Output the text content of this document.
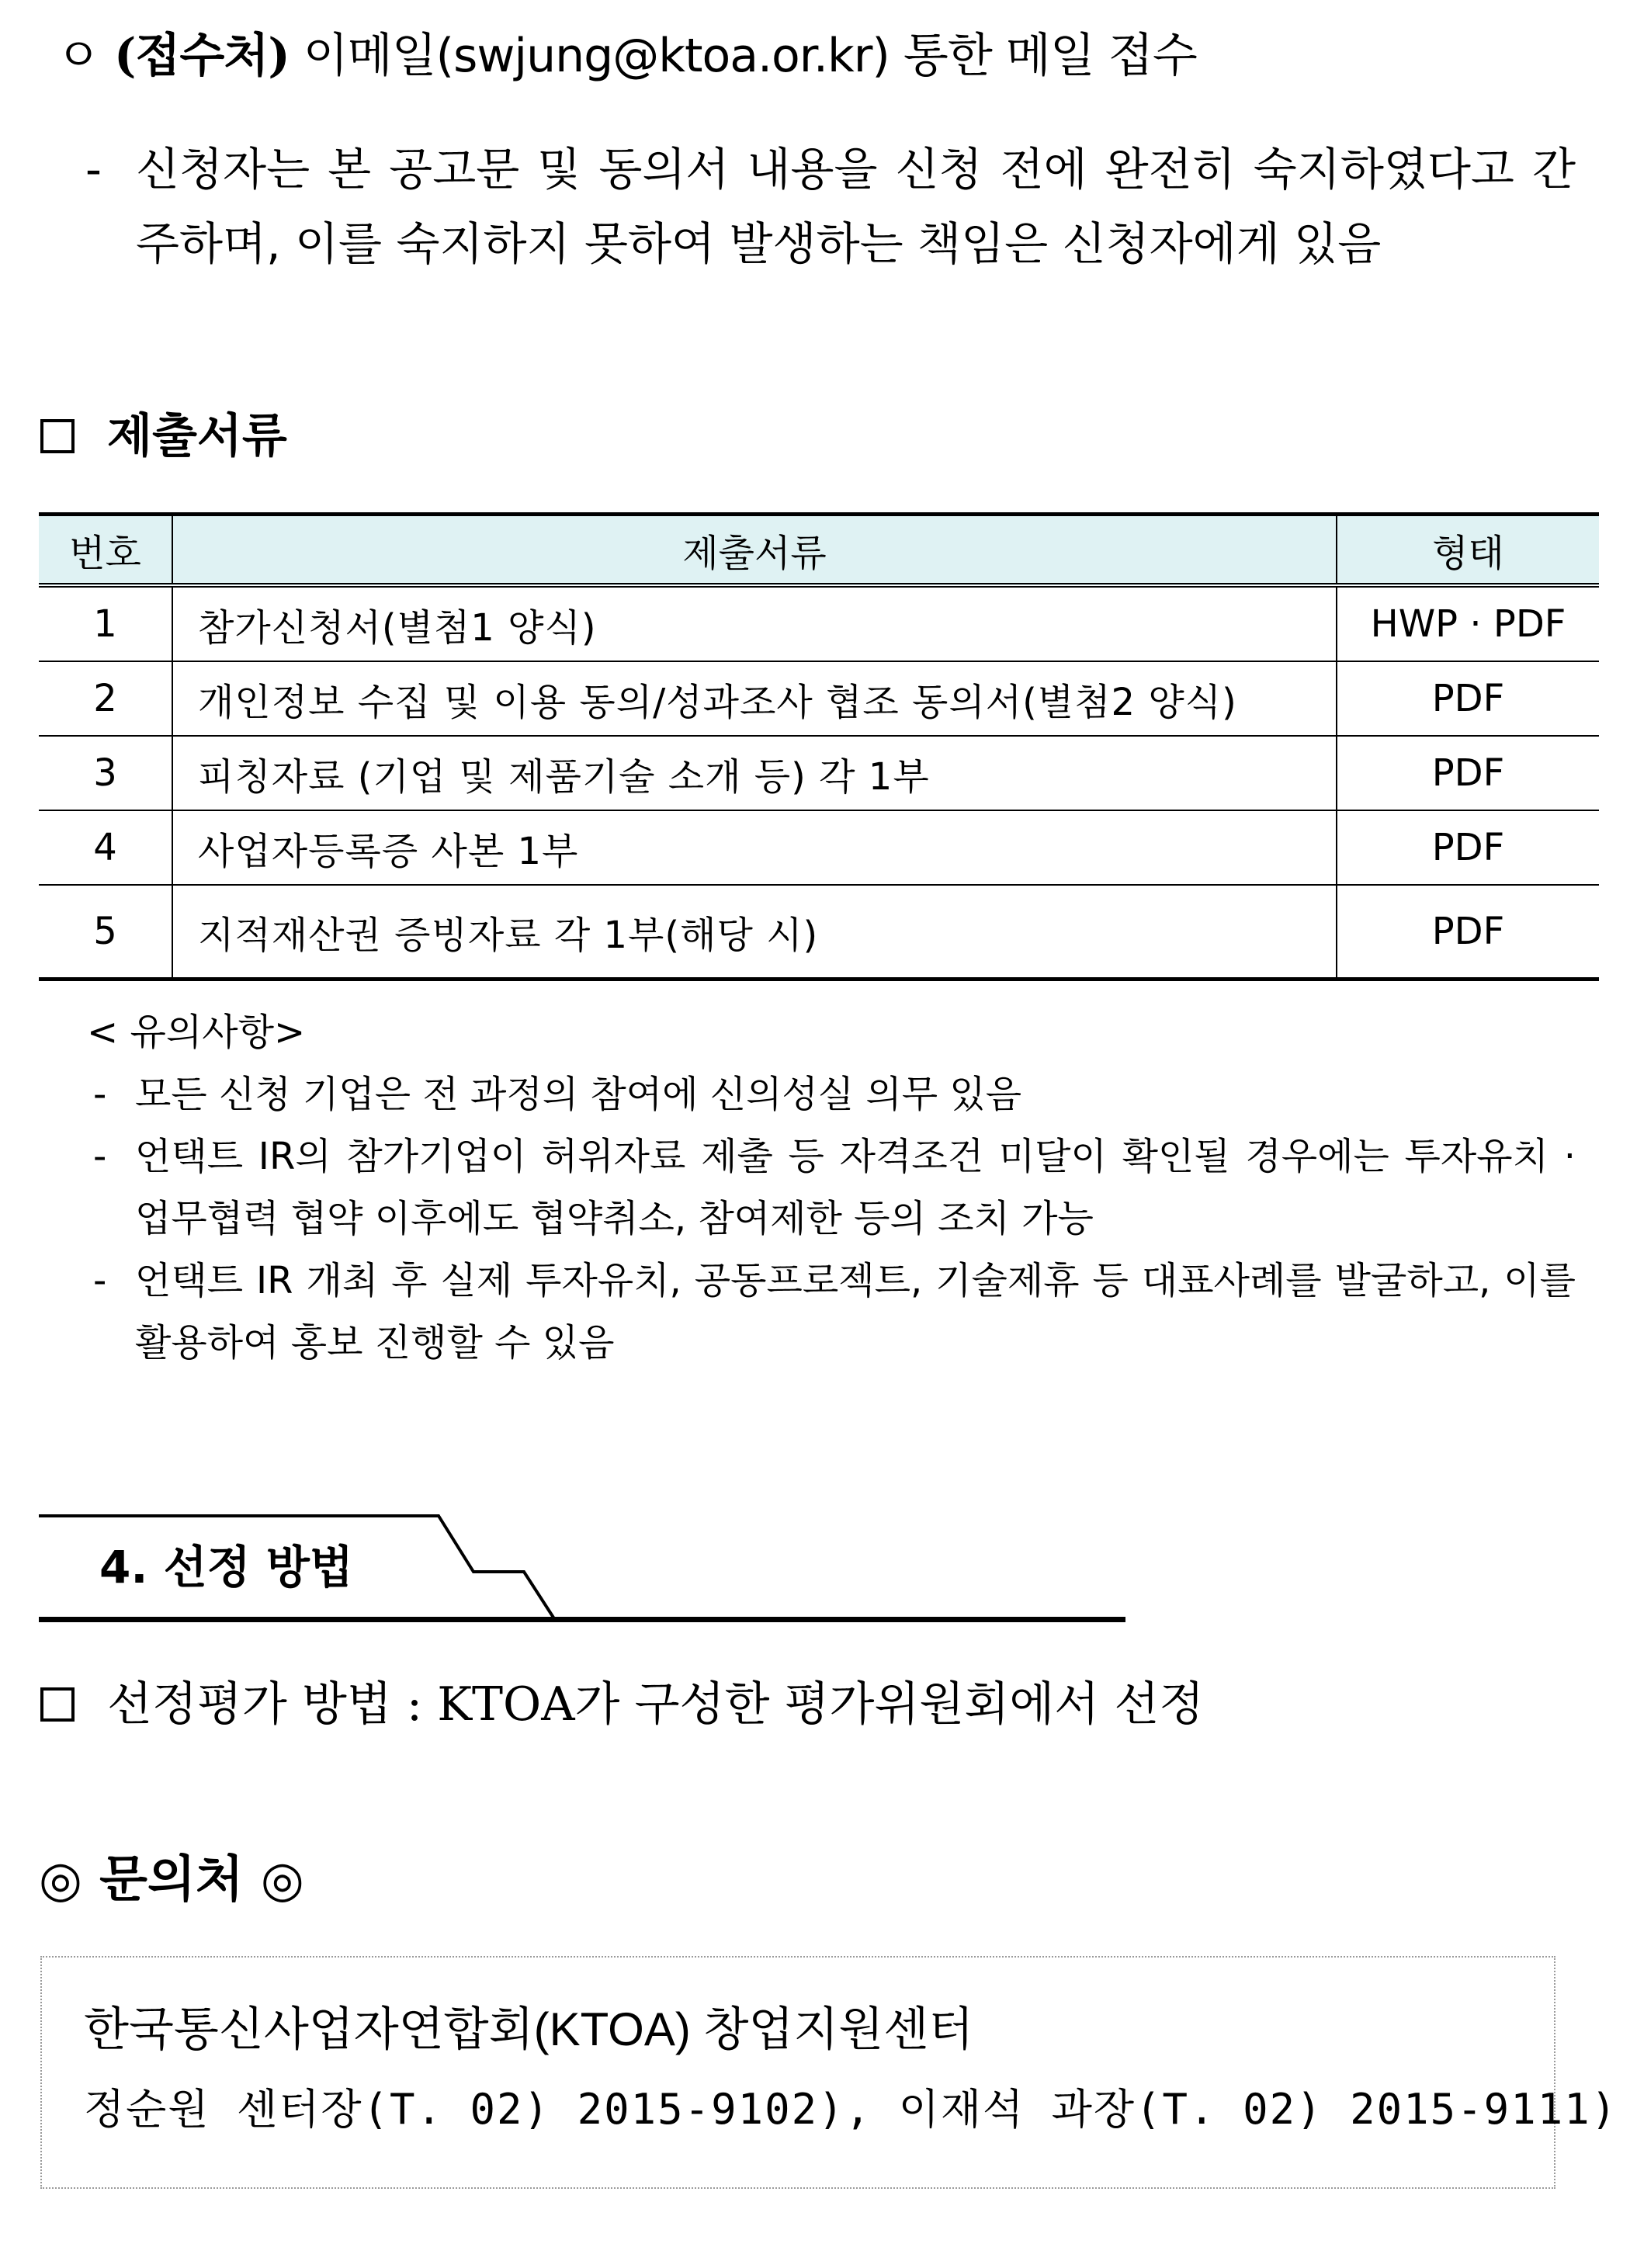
ㅇ (접수처) 이메일(swjung@ktoa.or.kr) 통한 메일 접수
- 신청자는 본 공고문 및 동의서 내용을 신청 전에 완전히 숙지하였다고 간주하며, 이를 숙지하지 못하여 발생하는 책임은 신청자에게 있음
제출서류
번호	제출서류	형태
1	참가신청서(별첨1 양식)	HWP · PDF
2	개인정보 수집 및 이용 동의/성과조사 협조 동의서(별첨2 양식)	PDF
3	피칭자료 (기업 및 제품기술 소개 등) 각 1부	PDF
4	사업자등록증 사본 1부	PDF
5	지적재산권 증빙자료 각 1부(해당 시)	PDF
< 유의사항>
- 모든 신청 기업은 전 과정의 참여에 신의성실 의무 있음
- 언택트 IR의 참가기업이 허위자료 제출 등 자격조건 미달이 확인될 경우에는 투자유치 · 업무협력 협약 이후에도 협약취소, 참여제한 등의 조치 가능
- 언택트 IR 개최 후 실제 투자유치, 공동프로젝트, 기술제휴 등 대표사례를 발굴하고, 이를 활용하여 홍보 진행할 수 있음
4. 선정 방법
선정평가 방법 : KTOA가 구성한 평가위원회에서 선정
◎ 문의처 ◎
한국통신사업자연합회(KTOA) 창업지원센터
정순원 센터장(T. 02) 2015-9102), 이재석 과장(T. 02) 2015-9111)
